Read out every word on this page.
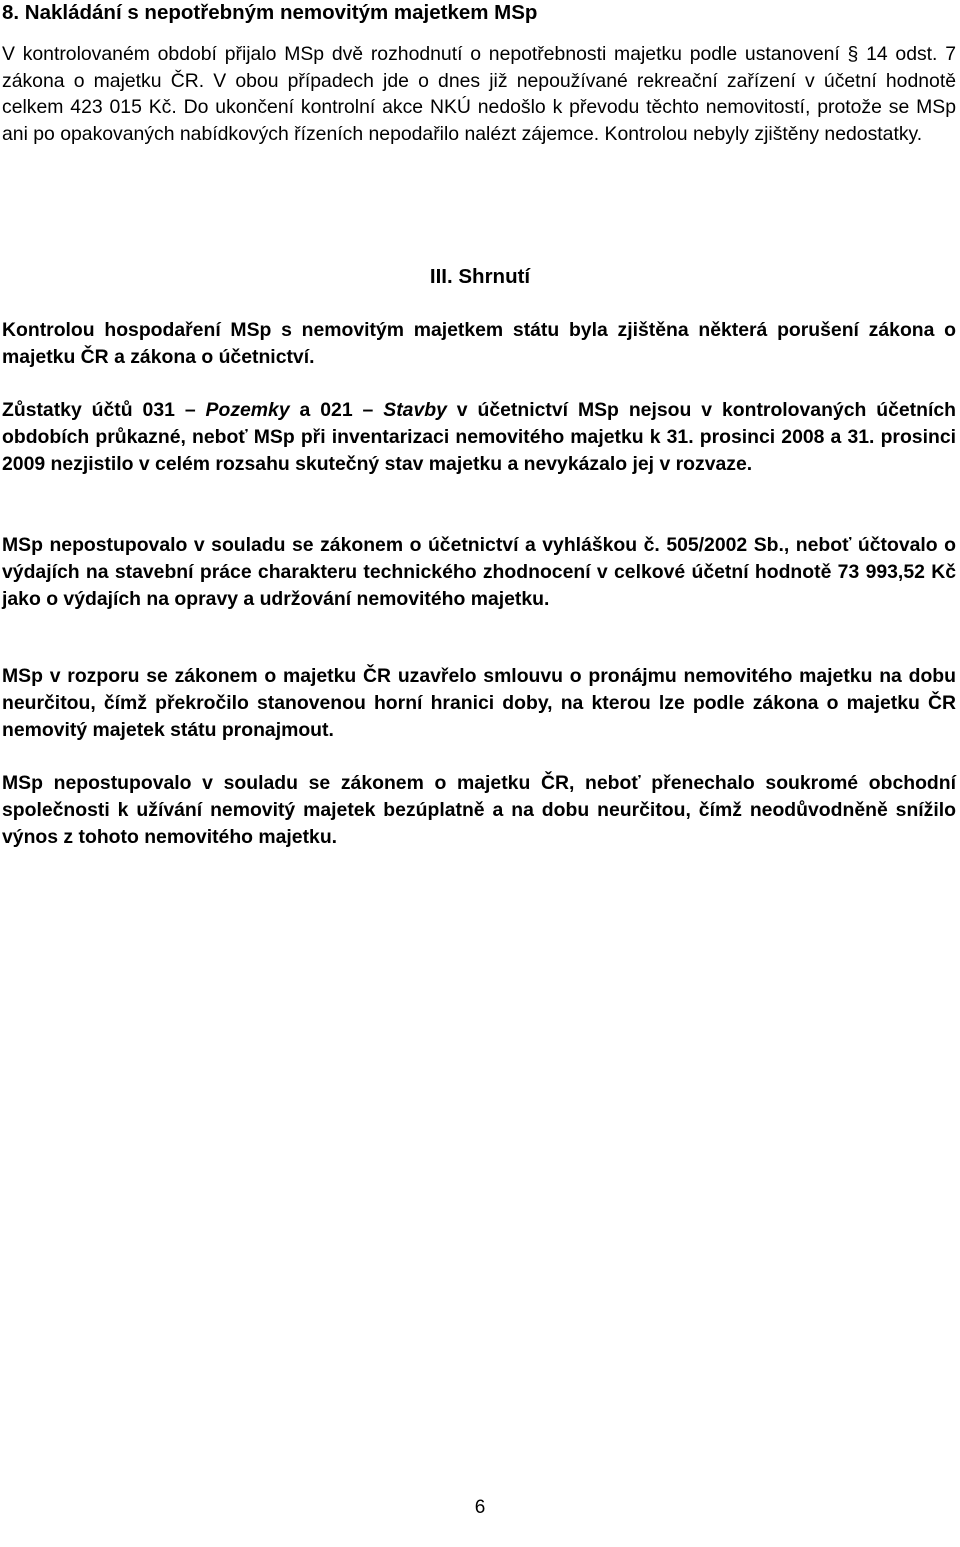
8. Nakládání s nepotřebným nemovitým majetkem MSp

V kontrolovaném období přijalo MSp dvě rozhodnutí o nepotřebnosti majetku podle ustanovení § 14 odst. 7 zákona o majetku ČR. V obou případech jde o dnes již nepoužívané rekreační zařízení v účetní hodnotě celkem 423 015 Kč. Do ukončení kontrolní akce NKÚ nedošlo k převodu těchto nemovitostí, protože se MSp ani po opakovaných nabídkových řízeních nepodařilo nalézt zájemce. Kontrolou nebyly zjištěny nedostatky.

III. Shrnutí

Kontrolou hospodaření MSp s nemovitým majetkem státu byla zjištěna některá porušení zákona o majetku ČR a zákona o účetnictví.

Zůstatky účtů 031 – Pozemky a 021 – Stavby v účetnictví MSp nejsou v kontrolovaných účetních obdobích průkazné, neboť MSp při inventarizaci nemovitého majetku k 31. prosinci 2008 a 31. prosinci 2009 nezjistilo v celém rozsahu skutečný stav majetku a nevykázalo jej v rozvaze.

MSp nepostupovalo v souladu se zákonem o účetnictví a vyhláškou č. 505/2002 Sb., neboť účtovalo o výdajích na stavební práce charakteru technického zhodnocení v celkové účetní hodnotě 73 993,52 Kč jako o výdajích na opravy a udržování nemovitého majetku.

MSp v rozporu se zákonem o majetku ČR uzavřelo smlouvu o pronájmu nemovitého majetku na dobu neurčitou, čímž překročilo stanovenou horní hranici doby, na kterou lze podle zákona o majetku ČR nemovitý majetek státu pronajmout.

MSp nepostupovalo v souladu se zákonem o majetku ČR, neboť přenechalo soukromé obchodní společnosti k užívání nemovitý majetek bezúplatně a na dobu neurčitou, čímž neodůvodněně snížilo výnos z tohoto nemovitého majetku.

6
